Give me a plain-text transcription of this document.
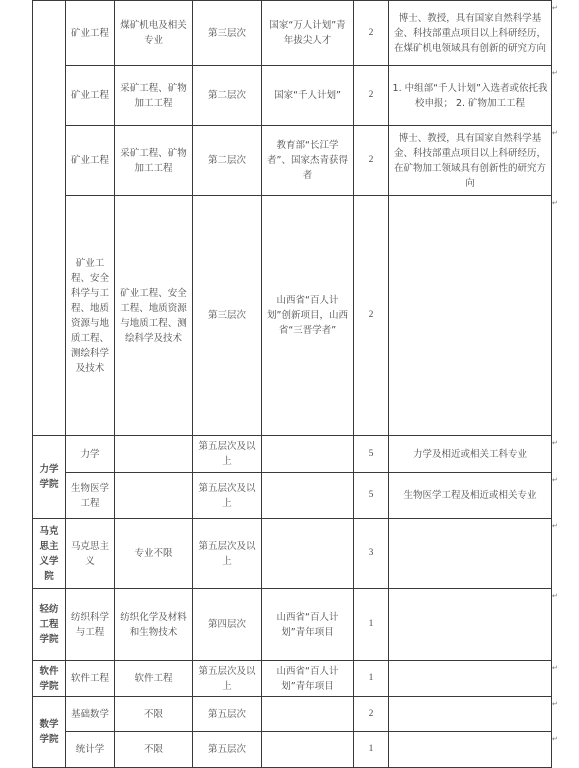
	矿业工程	煤矿机电及相关专业	第三层次	国家“万人计划”青年拔尖人才	2	博士、教授，具有国家自然科学基金、科技部重点项目以上科研经历，在煤矿机电领域具有创新的研究方向
	矿业工程	采矿工程、矿物加工工程	第二层次	国家“千人计划”	2	1. 中组部“千人计划”入选者或依托我校申报； 2. 矿物加工工程
	矿业工程	采矿工程、矿物加工工程	第二层次	教育部“长江学者”、国家杰青获得者	2	博士、教授，具有国家自然科学基金、科技部重点项目以上科研经历，在矿物加工领域具有创新性的研究方向
	矿业工程、安全科学与工程、地质资源与地质工程、测绘科学及技术	矿业工程、安全工程、地质资源与地质工程、测绘科学及技术	第三层次	山西省“百人计划”创新项目，山西省“三晋学者”	2	
力学学院	力学		第五层次及以上		5	力学及相近或相关工科专业
	生物医学工程		第五层次及以上		5	生物医学工程及相近或相关专业
马克思主义学院	马克思主义	专业不限	第五层次及以上		3	
轻纺工程学院	纺织科学与工程	纺织化学及材料和生物技术	第四层次	山西省“百人计划”青年项目	1	
软件学院	软件工程	软件工程	第五层次及以上	山西省“百人计划”青年项目	1	
数学学院	基础数学	不限	第五层次		2	
	统计学	不限	第五层次		1	
↵
↵
↵
↵
↵
↵
↵
↵
↵
↵
↵
